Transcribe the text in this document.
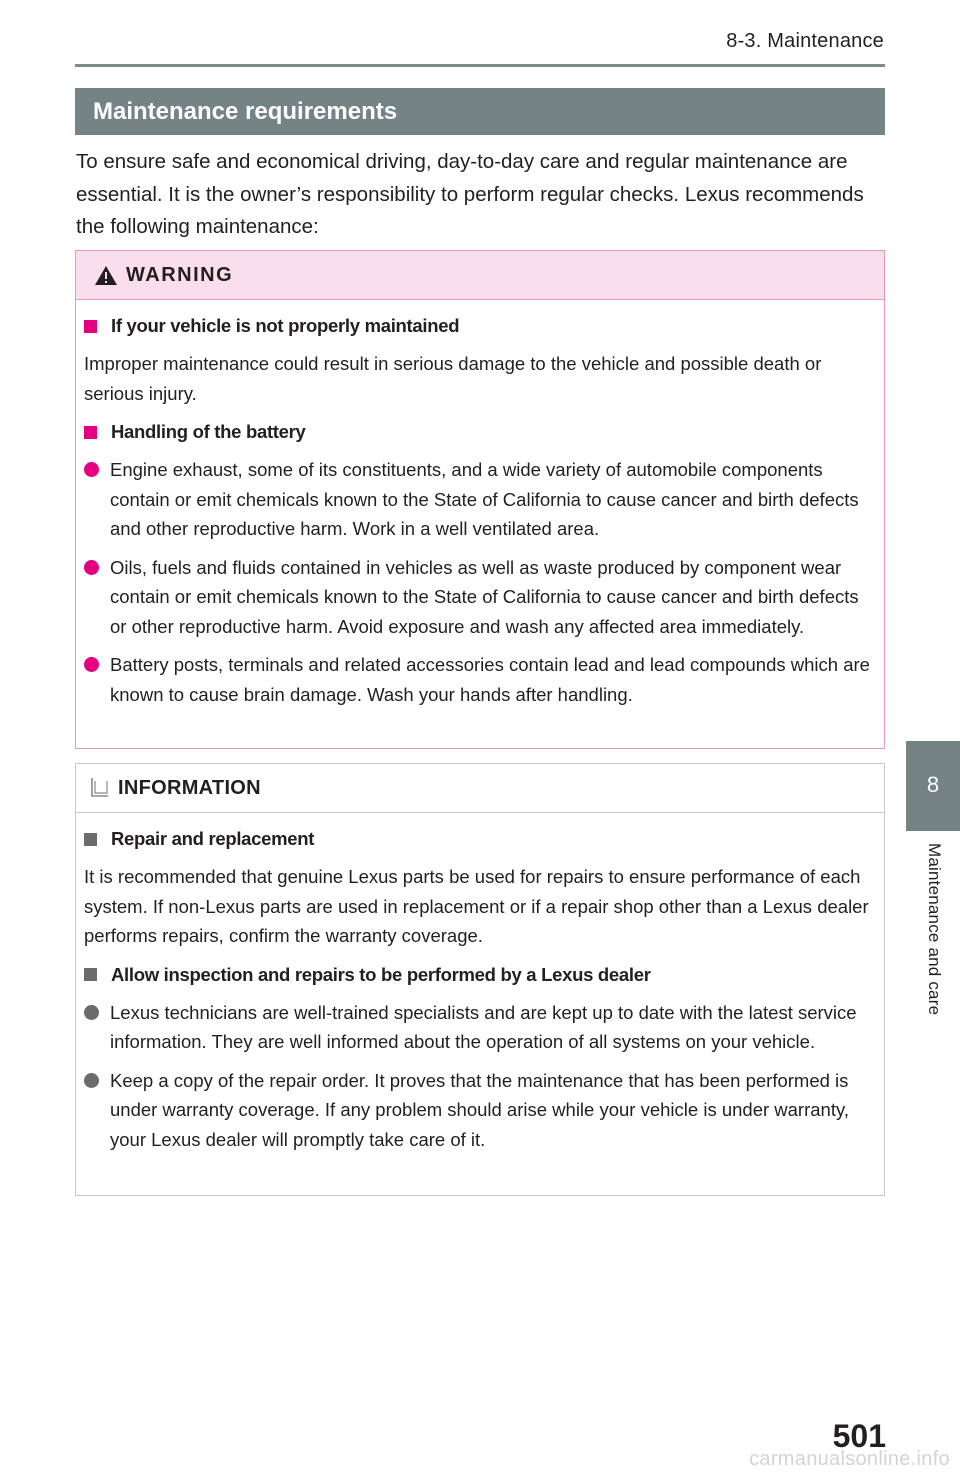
8-3. Maintenance
Maintenance requirements

To ensure safe and economical driving, day-to-day care and regular maintenance are essential. It is the owner’s responsibility to perform regular checks. Lexus recommends the following maintenance:

WARNING
If your vehicle is not properly maintained

Improper maintenance could result in serious damage to the vehicle and possible death or serious injury.

Handling of the battery
Engine exhaust, some of its constituents, and a wide variety of automobile components contain or emit chemicals known to the State of California to cause cancer and birth defects and other reproductive harm. Work in a well ventilated area.
Oils, fuels and fluids contained in vehicles as well as waste produced by component wear contain or emit chemicals known to the State of California to cause cancer and birth defects or other reproductive harm. Avoid exposure and wash any affected area immediately.
Battery posts, terminals and related accessories contain lead and lead compounds which are known to cause brain damage. Wash your hands after handling.
INFORMATION
Repair and replacement

It is recommended that genuine Lexus parts be used for repairs to ensure performance of each system. If non-Lexus parts are used in replacement or if a repair shop other than a Lexus dealer performs repairs, confirm the warranty coverage.

Allow inspection and repairs to be performed by a Lexus dealer
Lexus technicians are well-trained specialists and are kept up to date with the latest service information. They are well informed about the operation of all systems on your vehicle.
Keep a copy of the repair order. It proves that the maintenance that has been performed is under warranty coverage. If any problem should arise while your vehicle is under warranty, your Lexus dealer will promptly take care of it.
8
Maintenance and care
501
carmanualsonline.info
